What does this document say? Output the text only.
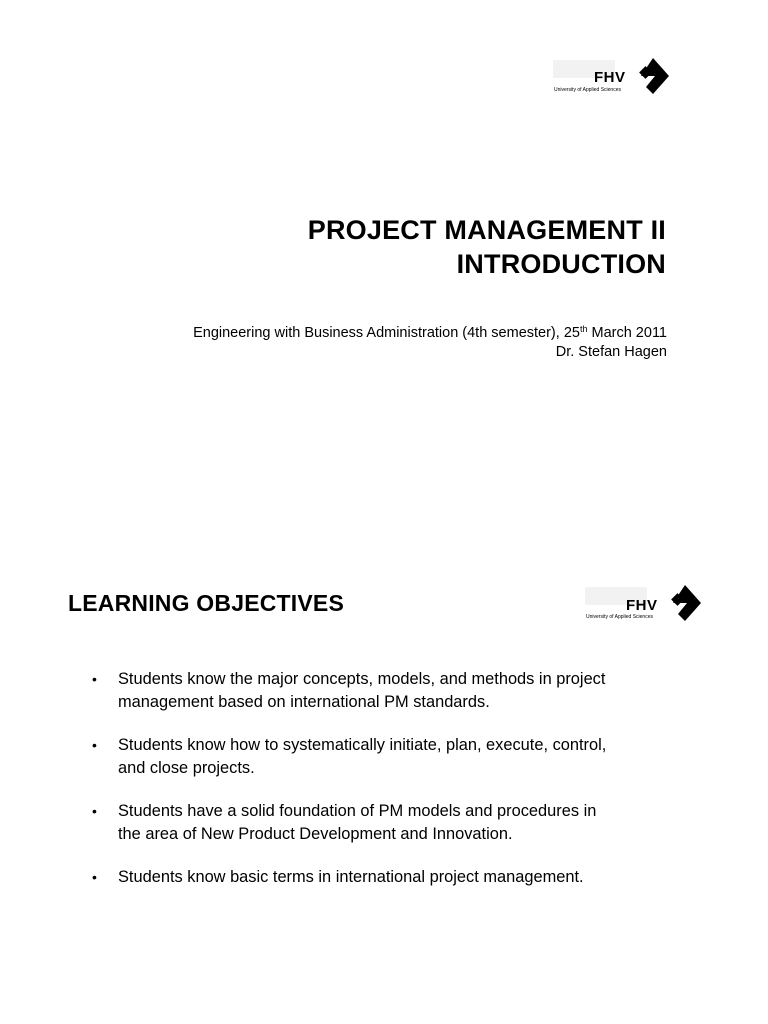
FHV
University of Applied Sciences
PROJECT MANAGEMENT II
INTRODUCTION
Engineering with Business Administration (4th semester), 25th March 2011
Dr. Stefan Hagen
LEARNING OBJECTIVES	FHV
University of Applied Sciences
• Students know the major concepts, models, and methods in project
management based on international PM standards.
• Students know how to systematically initiate, plan, execute, control,
and close projects.
• Students have a solid foundation of PM models and procedures in
the area of New Product Development and Innovation.
• Students know basic terms in international project management.
